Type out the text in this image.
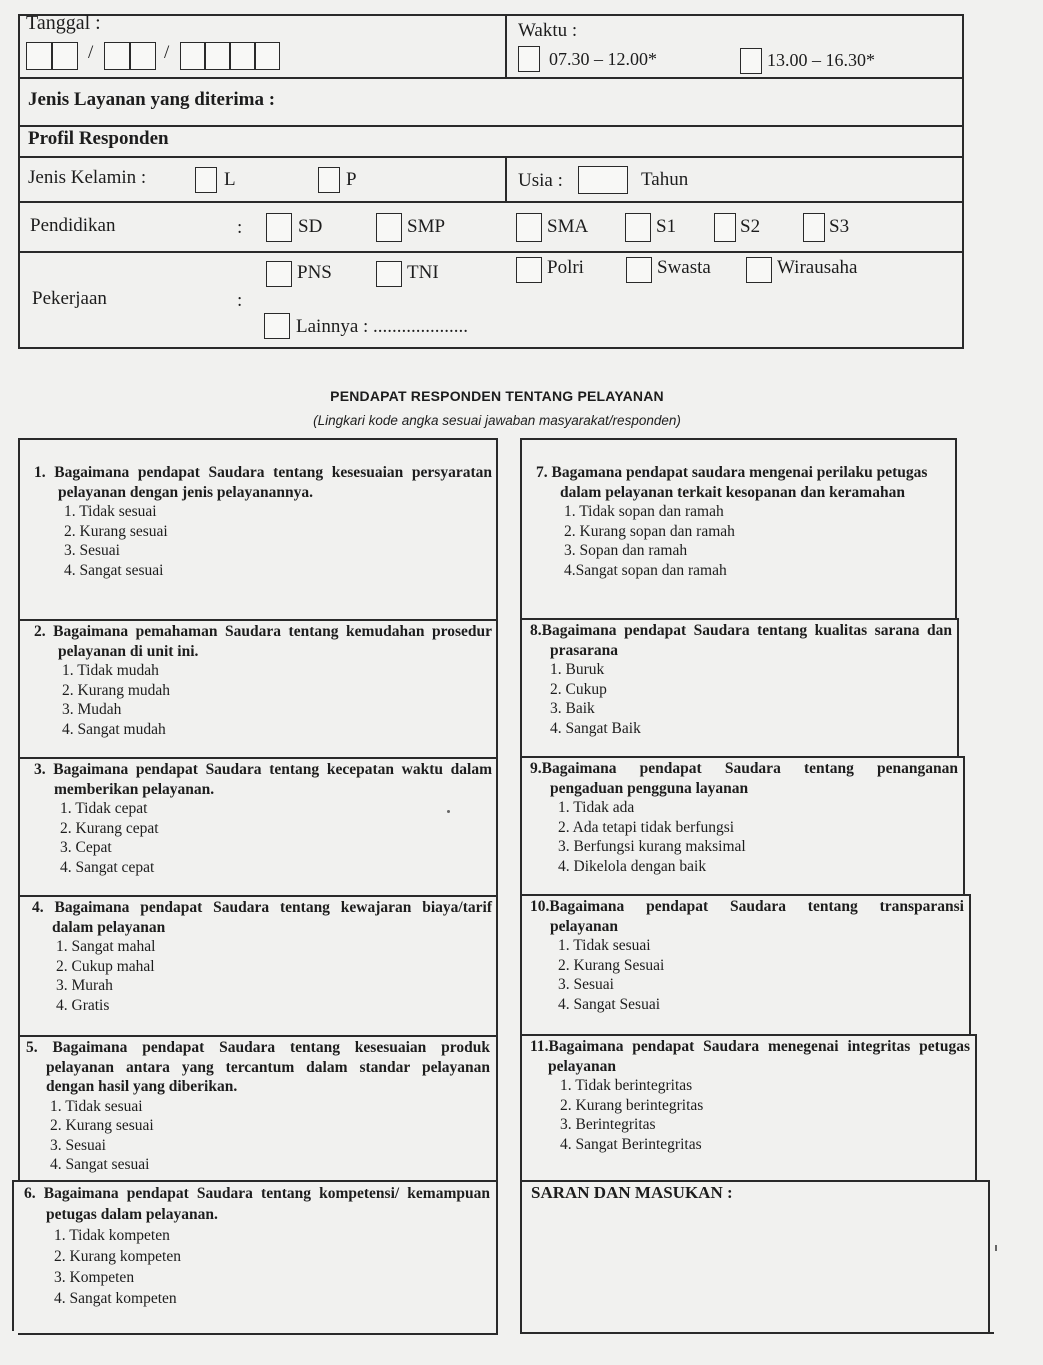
Tanggal :
/	/
Waktu :
07.30 – 12.00*	13.00 – 16.30*
Jenis Layanan yang diterima :
Profil Responden
Jenis Kelamin :	L	P	Usia :	Tahun
Pendidikan	:	SD	SMP	SMA	S1	S2	S3
Pekerjaan	:
PNS	TNI	Polri	Swasta	Wirausaha
Lainnya : ....................
PENDAPAT RESPONDEN TENTANG PELAYANAN
(Lingkari kode angka sesuai jawaban masyarakat/responden)
1. Bagaimana pendapat Saudara tentang kesesuaian persyaratan pelayanan dengan jenis pelayanannya.
1. Tidak sesuai
2. Kurang sesuai
3. Sesuai
4. Sangat sesuai
2. Bagaimana pemahaman Saudara tentang kemudahan prosedur pelayanan di unit ini.
1. Tidak mudah
2. Kurang mudah
3. Mudah
4. Sangat mudah
3. Bagaimana pendapat Saudara tentang kecepatan waktu dalam memberikan pelayanan.
1. Tidak cepat
2. Kurang cepat
3. Cepat
4. Sangat cepat
4. Bagaimana pendapat Saudara tentang kewajaran biaya/tarif dalam pelayanan
1. Sangat mahal
2. Cukup mahal
3. Murah
4. Gratis
5. Bagaimana pendapat Saudara tentang kesesuaian produk pelayanan antara yang tercantum dalam standar pelayanan dengan hasil yang diberikan.
1. Tidak sesuai
2. Kurang sesuai
3. Sesuai
4. Sangat sesuai
6. Bagaimana pendapat Saudara tentang kompetensi/ kemampuan petugas dalam pelayanan.
1. Tidak kompeten
2. Kurang kompeten
3. Kompeten
4. Sangat kompeten
7. Bagamana pendapat saudara mengenai perilaku petugas dalam pelayanan terkait kesopanan dan keramahan
1. Tidak sopan dan ramah
2. Kurang sopan dan ramah
3. Sopan dan ramah
4.Sangat sopan dan ramah
8.Bagaimana pendapat Saudara tentang kualitas sarana dan prasarana
1. Buruk
2. Cukup
3. Baik
4. Sangat Baik
9.Bagaimana pendapat Saudara tentang penanganan pengaduan pengguna layanan
1. Tidak ada
2. Ada tetapi tidak berfungsi
3. Berfungsi kurang maksimal
4. Dikelola dengan baik
10.Bagaimana pendapat Saudara tentang transparansi pelayanan
1. Tidak sesuai
2. Kurang Sesuai
3. Sesuai
4. Sangat Sesuai
11.Bagaimana pendapat Saudara menegenai integritas petugas pelayanan
1. Tidak berintegritas
2. Kurang berintegritas
3. Berintegritas
4. Sangat Berintegritas
SARAN DAN MASUKAN :
